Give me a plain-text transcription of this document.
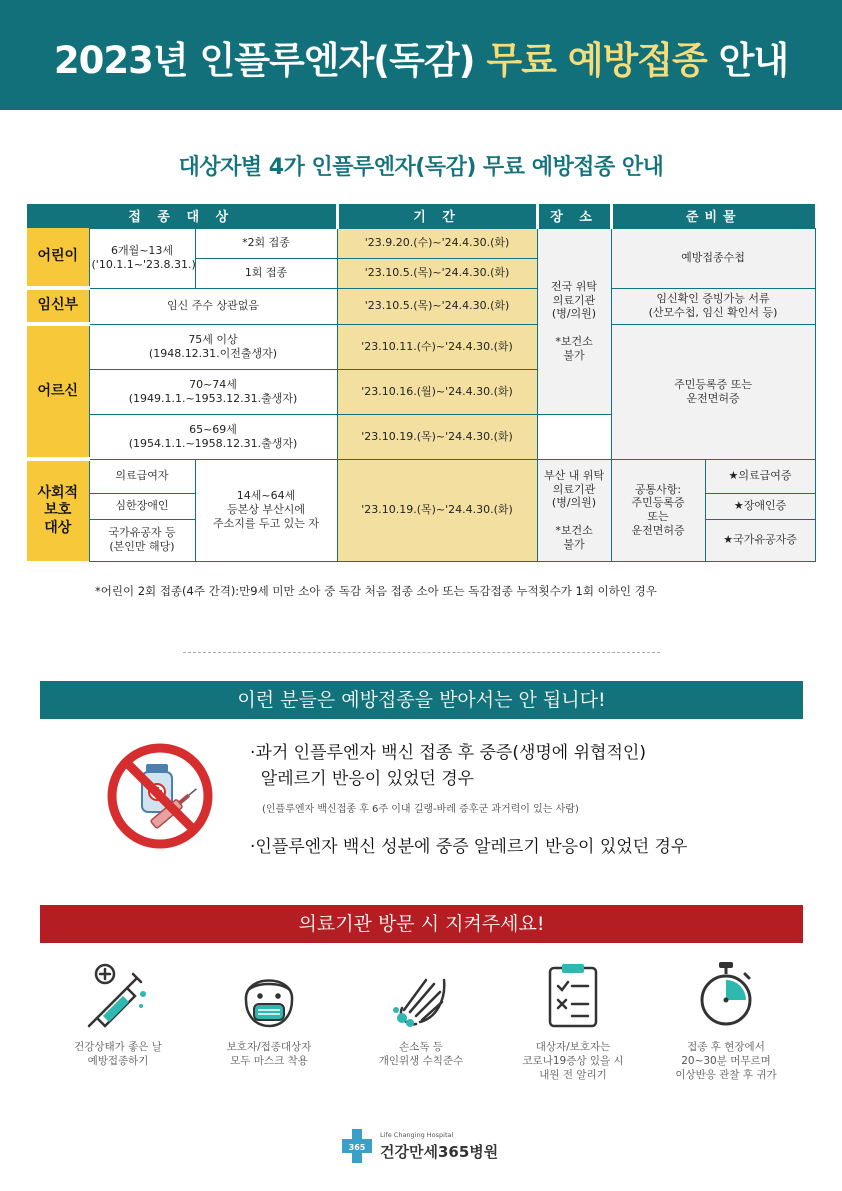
2023년 인플루엔자(독감) 무료 예방접종 안내
대상자별 4가 인플루엔자(독감) 무료 예방접종 안내
접 종 대 상			기 간	장 소	준비물	
어린이	6개월~13세
('10.1.1~'23.8.31.)	*2회 접종	'23.9.20.(수)~'24.4.30.(화)	전국 위탁
의료기관
(병/의원)

*보건소
불가	예방접종수첩	
		1회 접종	'23.10.5.(목)~'24.4.30.(화)			
임신부	임신 주수 상관없음		'23.10.5.(목)~'24.4.30.(화)		임신확인 증빙가능 서류
(산모수첩, 임신 확인서 등)	
어르신	75세 이상
(1948.12.31.이전출생자)		'23.10.11.(수)~'24.4.30.(화)		주민등록증 또는
운전면허증	
	70~74세
(1949.1.1.~1953.12.31.출생자)		'23.10.16.(월)~'24.4.30.(화)			
	65~69세
(1954.1.1.~1958.12.31.출생자)		'23.10.19.(목)~'24.4.30.(화)			
사회적
보호
대상	의료급여자	14세~64세
등본상 부산시에
주소지를 두고 있는 자	'23.10.19.(목)~'24.4.30.(화)	부산 내 위탁
의료기관
(병/의원)

*보건소
불가	공통사항:
주민등록증
또는
운전면허증	★의료급여증
	심한장애인					★장애인증
	국가유공자 등
(본인만 해당)					★국가유공자증
*어린이 2회 접종(4주 간격):만9세 미만 소아 중 독감 처음 접종 소아 또는 독감접종 누적횟수가 1회 이하인 경우
이런 분들은 예방접종을 받아서는 안 됩니다!
·과거 인플루엔자 백신 접종 후 중증(생명에 위협적인)
알레르기 반응이 있었던 경우
(인플루엔자 백신접종 후 6주 이내 길랭-바레 증후군 과거력이 있는 사람)
·인플루엔자 백신 성분에 중증 알레르기 반응이 있었던 경우
의료기관 방문 시 지켜주세요!
건강상태가 좋은 날
예방접종하기
보호자/접종대상자
모두 마스크 착용
손소독 등
개인위생 수칙준수
대상자/보호자는
코로나19증상 있을 시
내원 전 알리기
접종 후 현장에서
20~30분 머무르며
이상반응 관찰 후 귀가
365
Life Changing Hospital
건강만세365병원
